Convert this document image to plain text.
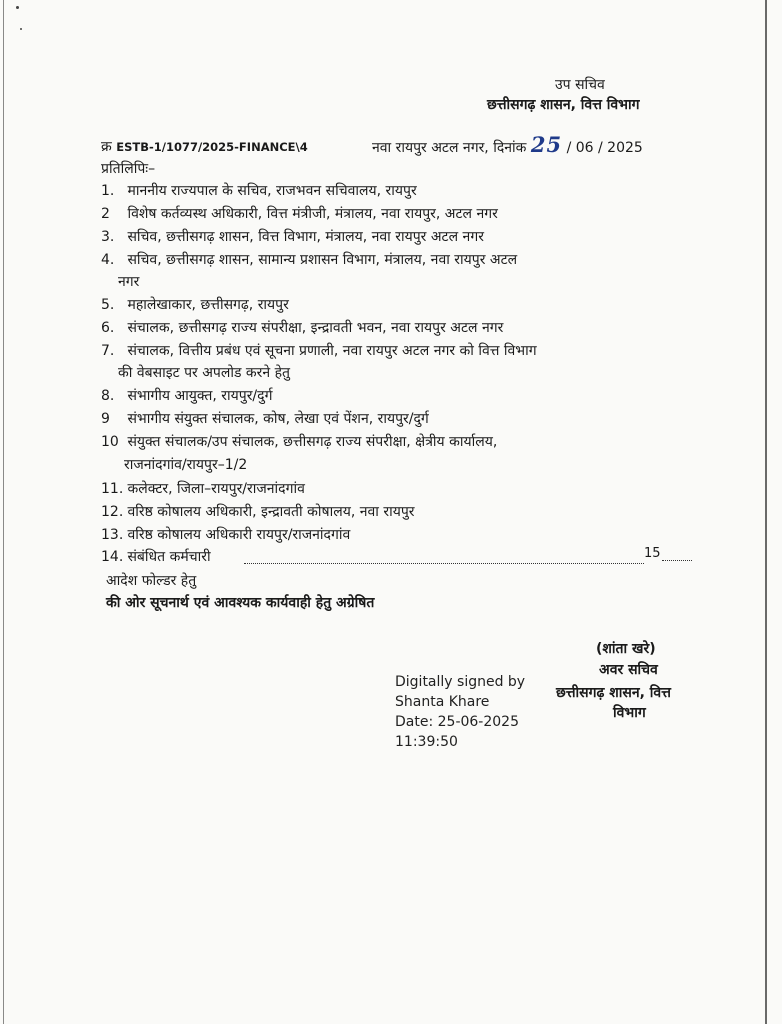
उप सचिव
छत्तीसगढ़ शासन, वित्त विभाग
क्र ESTB-1/1077/2025-FINANCE\4	नवा रायपुर अटल नगर, दिनांक 25 / 06 / 2025
प्रतिलिपिः–
1. माननीय राज्यपाल के सचिव, राजभवन सचिवालय, रायपुर
2 विशेष कर्तव्यस्थ अधिकारी, वित्त मंत्रीजी, मंत्रालय, नवा रायपुर, अटल नगर
3. सचिव, छत्तीसगढ़ शासन, वित्त विभाग, मंत्रालय, नवा रायपुर अटल नगर
4. सचिव, छत्तीसगढ़ शासन, सामान्य प्रशासन विभाग, मंत्रालय, नवा रायपुर अटल
नगर
5. महालेखाकार, छत्तीसगढ़, रायपुर
6. संचालक, छत्तीसगढ़ राज्य संपरीक्षा, इन्द्रावती भवन, नवा रायपुर अटल नगर
7. संचालक, वित्तीय प्रबंध एवं सूचना प्रणाली, नवा रायपुर अटल नगर को वित्त विभाग
की वेबसाइट पर अपलोड करने हेतु
8. संभागीय आयुक्त, रायपुर/दुर्ग
9 संभागीय संयुक्त संचालक, कोष, लेखा एवं पेंशन, रायपुर/दुर्ग
10 संयुक्त संचालक/उप संचालक, छत्तीसगढ़ राज्य संपरीक्षा, क्षेत्रीय कार्यालय,
राजनांदगांव/रायपुर–1/2
11. कलेक्टर, जिला–रायपुर/राजनांदगांव
12. वरिष्ठ कोषालय अधिकारी, इन्द्रावती कोषालय, नवा रायपुर
13. वरिष्ठ कोषालय अधिकारी रायपुर/राजनांदगांव
14. संबंधित कर्मचारी	15
आदेश फोल्डर हेतु
की ओर सूचनार्थ एवं आवश्यक कार्यवाही हेतु अग्रेषित
(शांता खरे)
अवर सचिव
छत्तीसगढ़ शासन, वित्त
विभाग
Digitally signed by
Shanta Khare
Date: 25-06-2025
11:39:50
